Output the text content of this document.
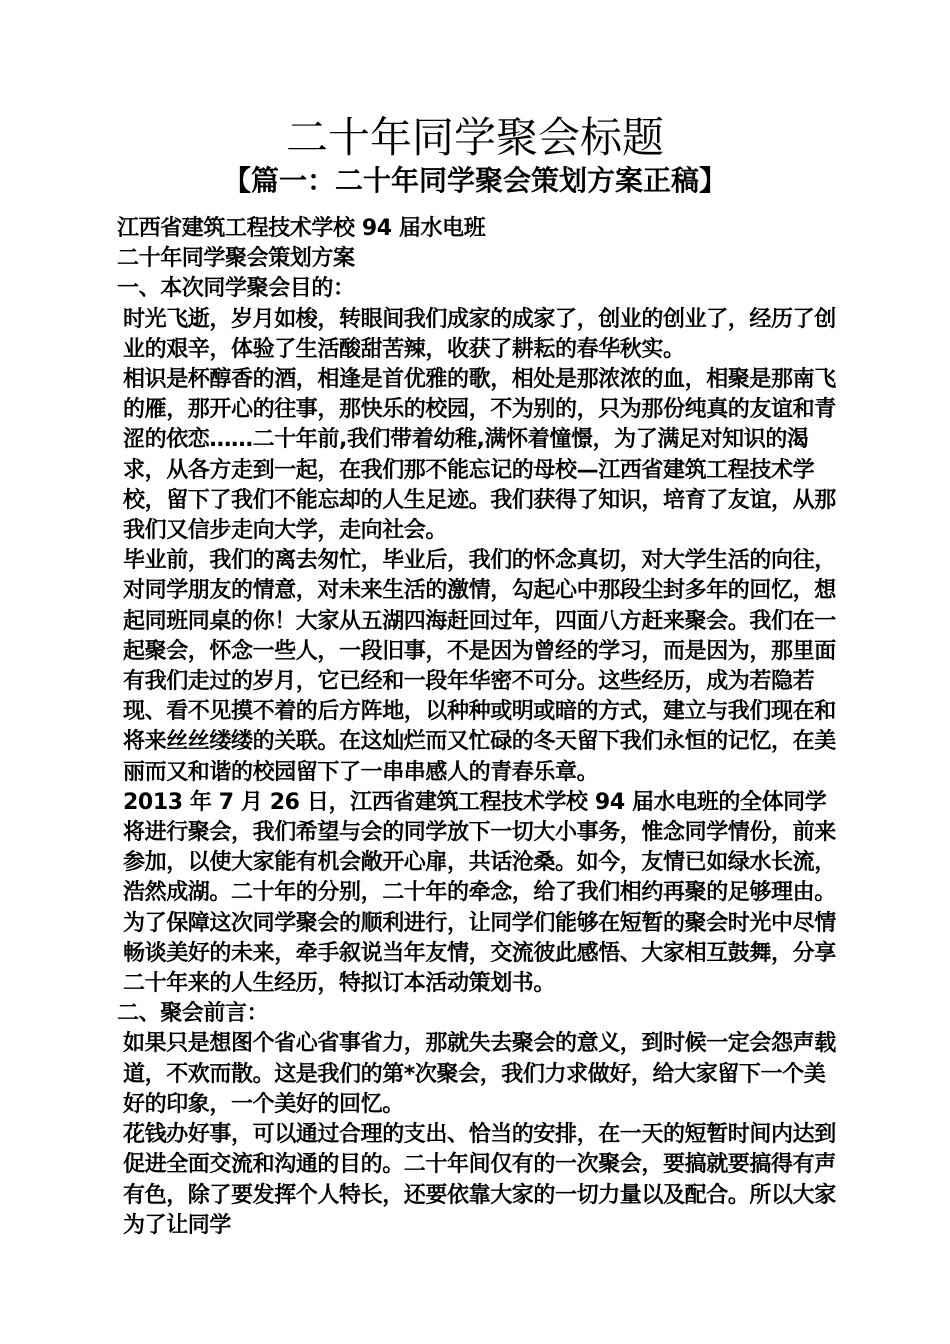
二十年同学聚会标题
【篇一：二十年同学聚会策划方案正稿】

江西省建筑工程技术学校 94 届水电班

二十年同学聚会策划方案

一、本次同学聚会目的：

时光飞逝，岁月如梭，转眼间我们成家的成家了，创业的创业了，经历了创业的艰辛，体验了生活酸甜苦辣，收获了耕耘的春华秋实。

相识是杯醇香的酒，相逢是首优雅的歌，相处是那浓浓的血，相聚是那南飞的雁，那开心的往事，那快乐的校园，不为别的，只为那份纯真的友谊和青涩的依恋……二十年前,我们带着幼稚,满怀着憧憬，为了满足对知识的渴求，从各方走到一起，在我们那不能忘记的母校—江西省建筑工程技术学校，留下了我们不能忘却的人生足迹。我们获得了知识，培育了友谊，从那我们又信步走向大学，走向社会。

毕业前，我们的离去匆忙，毕业后，我们的怀念真切，对大学生活的向往，对同学朋友的情意，对未来生活的激情，勾起心中那段尘封多年的回忆，想起同班同桌的你！大家从五湖四海赶回过年，四面八方赶来聚会。我们在一起聚会，怀念一些人，一段旧事，不是因为曾经的学习，而是因为，那里面有我们走过的岁月，它已经和一段年华密不可分。这些经历，成为若隐若现、看不见摸不着的后方阵地，以种种或明或暗的方式，建立与我们现在和将来丝丝缕缕的关联。在这灿烂而又忙碌的冬天留下我们永恒的记忆，在美丽而又和谐的校园留下了一串串感人的青春乐章。

2013 年 7 月 26 日，江西省建筑工程技术学校 94 届水电班的全体同学将进行聚会，我们希望与会的同学放下一切大小事务，惟念同学情份，前来参加，以使大家能有机会敞开心扉，共话沧桑。如今，友情已如绿水长流，浩然成湖。二十年的分别，二十年的牵念，给了我们相约再聚的足够理由。为了保障这次同学聚会的顺利进行，让同学们能够在短暂的聚会时光中尽情畅谈美好的未来，牵手叙说当年友情，交流彼此感悟、大家相互鼓舞，分享二十年来的人生经历，特拟订本活动策划书。

二、聚会前言：

如果只是想图个省心省事省力，那就失去聚会的意义，到时候一定会怨声载道，不欢而散。这是我们的第*次聚会，我们力求做好，给大家留下一个美好的印象，一个美好的回忆。

花钱办好事，可以通过合理的支出、恰当的安排，在一天的短暂时间内达到促进全面交流和沟通的目的。二十年间仅有的一次聚会，要搞就要搞得有声有色，除了要发挥个人特长，还要依靠大家的一切力量以及配合。所以大家为了让同学
